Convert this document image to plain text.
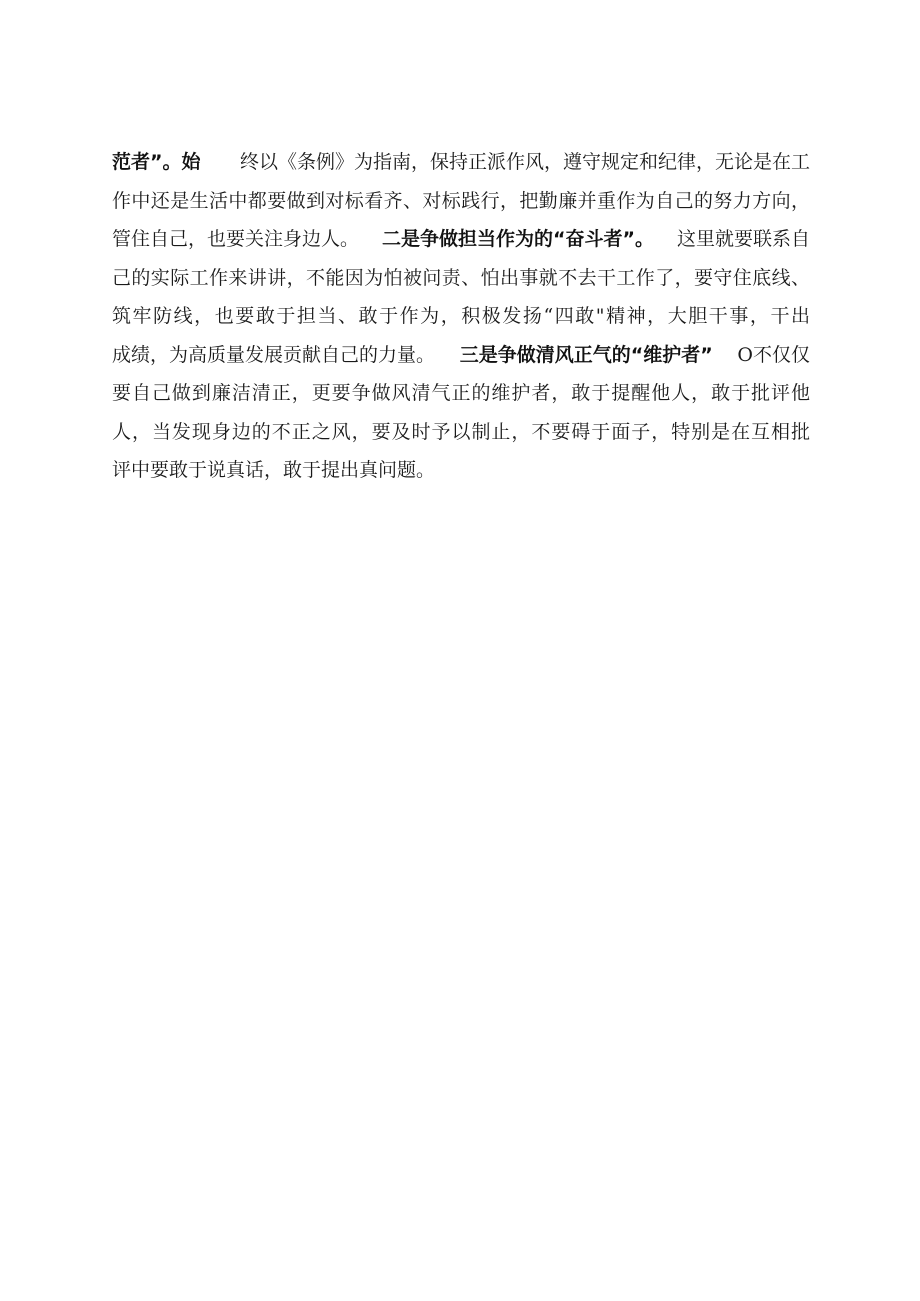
范者”。始 终以《条例》为指南，保持正派作风，遵守规定和纪律，无论是在工
作中还是生活中都要做到对标看齐、对标践行，把勤廉并重作为自己的努力方向，
管住自己，也要关注身边人。 二是争做担当作为的“奋斗者”。 这里就要联系自
己的实际工作来讲讲，不能因为怕被问责、怕出事就不去干工作了，要守住底线、
筑牢防线，也要敢于担当、敢于作为，积极发扬“四敢"精神，大胆干事，干出
成绩，为高质量发展贡献自己的力量。 三是争做清风正气的“维护者” O不仅仅
要自己做到廉洁清正，更要争做风清气正的维护者，敢于提醒他人，敢于批评他
人，当发现身边的不正之风，要及时予以制止，不要碍于面子，特别是在互相批
评中要敢于说真话，敢于提出真问题。
